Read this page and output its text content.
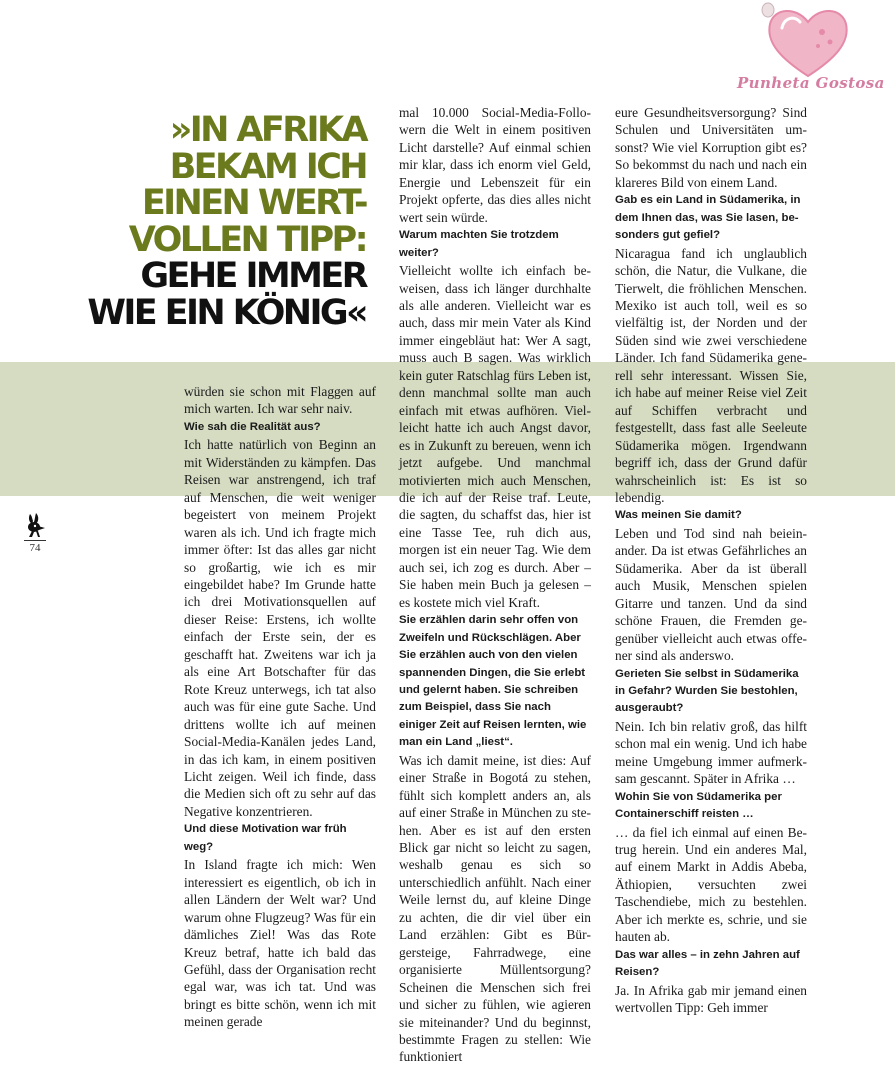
Punheta Gostosa
»IN AFRIKA
BEKAM ICH
EINEN WERT-
VOLLEN TIPP:
GEHE IMMER
WIE EIN KÖNIG«
74

würden sie schon mit Flaggen auf mich warten. Ich war sehr naiv.

Wie sah die Realität aus?

Ich hatte natürlich von Beginn an mit Widerständen zu kämpfen. Das Reisen war anstrengend, ich traf auf Menschen, die weit weniger begeistert von meinem Projekt waren als ich. Und ich fragte mich immer öfter: Ist das alles gar nicht so großartig, wie ich es mir eingebildet habe? Im Grunde hatte ich drei Motivationsquellen auf dieser Reise: Erstens, ich wollte einfach der Erste sein, der es geschafft hat. Zweitens war ich ja als eine Art Botschafter für das Rote Kreuz unterwegs, ich tat also auch was für eine gute Sache. Und drittens wollte ich auf meinen Social-Media-Kanälen jedes Land, in das ich kam, in einem positiven Licht zeigen. Weil ich finde, dass die Medien sich oft zu sehr auf das Negative konzentrieren.

Und diese Motivation war früh weg?

In Island fragte ich mich: Wen interessiert es eigentlich, ob ich in allen Ländern der Welt war? Und warum ohne Flugzeug? Was für ein dämliches Ziel! Was das Rote Kreuz betraf, hatte ich bald das Gefühl, dass der Organisation recht egal war, was ich tat. Und was bringt es bitte schön, wenn ich mit meinen gerade

mal 10.000 Social-Media-Followern die Welt in einem positiven Licht darstelle? Auf einmal schien mir klar, dass ich enorm viel Geld, Energie und Lebenszeit für ein Projekt opferte, das dies alles nicht wert sein würde.

Warum machten Sie trotzdem weiter?

Vielleicht wollte ich einfach beweisen, dass ich länger durchhalte als alle anderen. Vielleicht war es auch, dass mir mein Vater als Kind immer eingebläut hat: Wer A sagt, muss auch B sagen. Was wirklich kein guter Ratschlag fürs Leben ist, denn manchmal sollte man auch einfach mit etwas aufhören. Vielleicht hatte ich auch Angst davor, es in Zukunft zu bereuen, wenn ich jetzt aufgebe. Und manchmal motivierten mich auch Menschen, die ich auf der Reise traf. Leute, die sagten, du schaffst das, hier ist eine Tasse Tee, ruh dich aus, morgen ist ein neuer Tag. Wie dem auch sei, ich zog es durch. Aber – Sie haben mein Buch ja gelesen – es kostete mich viel Kraft.

Sie erzählen darin sehr offen von Zweifeln und Rückschlägen. Aber Sie erzählen auch von den vielen spannenden Dingen, die Sie erlebt und gelernt haben. Sie schreiben zum Beispiel, dass Sie nach einiger Zeit auf Reisen lernten, wie man ein Land „liest“.

Was ich damit meine, ist dies: Auf einer Straße in Bogotá zu stehen, fühlt sich komplett anders an, als auf einer Straße in München zu stehen. Aber es ist auf den ersten Blick gar nicht so leicht zu sagen, weshalb genau es sich so unterschiedlich anfühlt. Nach einer Weile lernst du, auf kleine Dinge zu achten, die dir viel über ein Land erzählen: Gibt es Bürgersteige, Fahrradwege, eine organisierte Müllentsorgung? Scheinen die Menschen sich frei und sicher zu fühlen, wie agieren sie miteinander? Und du beginnst, bestimmte Fragen zu stellen: Wie funktioniert

eure Gesundheitsversorgung? Sind Schulen und Universitäten umsonst? Wie viel Korruption gibt es? So bekommst du nach und nach ein klareres Bild von einem Land.

Gab es ein Land in Südamerika, in dem Ihnen das, was Sie lasen, besonders gut gefiel?

Nicaragua fand ich unglaublich schön, die Natur, die Vulkane, die Tierwelt, die fröhlichen Menschen. Mexiko ist auch toll, weil es so vielfältig ist, der Norden und der Süden sind wie zwei verschiedene Länder. Ich fand Südamerika generell sehr interessant. Wissen Sie, ich habe auf meiner Reise viel Zeit auf Schiffen verbracht und festgestellt, dass fast alle Seeleute Südamerika mögen. Irgendwann begriff ich, dass der Grund dafür wahrscheinlich ist: Es ist so lebendig.

Was meinen Sie damit?

Leben und Tod sind nah beieinander. Da ist etwas Gefährliches an Südamerika. Aber da ist überall auch Musik, Menschen spielen Gitarre und tanzen. Und da sind schöne Frauen, die Fremden gegenüber vielleicht auch etwas offener sind als anderswo.

Gerieten Sie selbst in Südamerika in Gefahr? Wurden Sie bestohlen, ausgeraubt?

Nein. Ich bin relativ groß, das hilft schon mal ein wenig. Und ich habe meine Umgebung immer aufmerksam gescannt. Später in Afrika …

Wohin Sie von Südamerika per Containerschiff reisten …

… da fiel ich einmal auf einen Betrug herein. Und ein anderes Mal, auf einem Markt in Addis Abeba, Äthiopien, versuchten zwei Taschendiebe, mich zu bestehlen. Aber ich merkte es, schrie, und sie hauten ab.

Das war alles – in zehn Jahren auf Reisen?

Ja. In Afrika gab mir jemand einen wertvollen Tipp: Geh immer
